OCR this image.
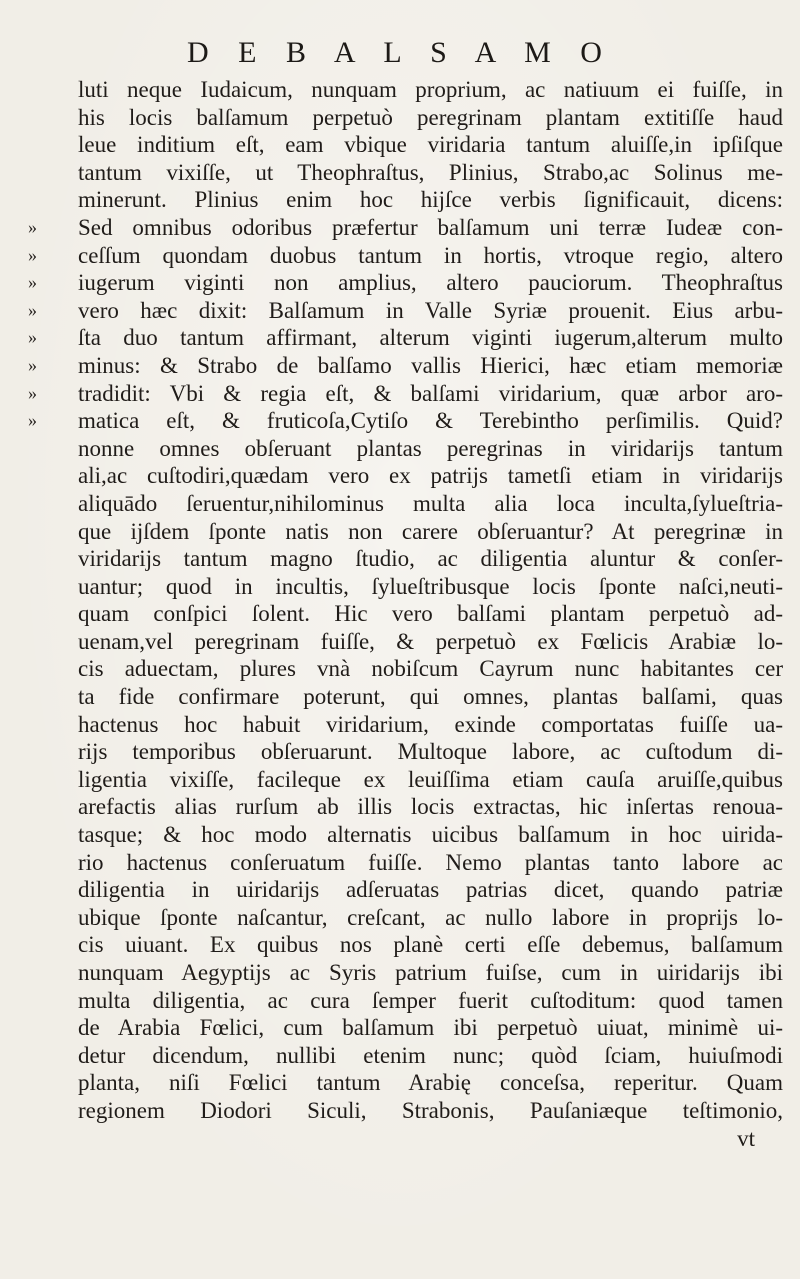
D E B A L S A M O
luti neque Iudaicum, nunquam proprium, ac natiuum ei fuiſſe, in
his locis balſamum perpetuò peregrinam plantam extitiſſe haud
leue inditium eſt, eam vbique viridaria tantum aluiſſe,in ipſiſque
tantum vixiſſe, ut Theophraſtus, Plinius, Strabo,ac Solinus me-
minerunt. Plinius enim hoc hijſce verbis ſignificauit, dicens:
»	Sed omnibus odoribus præfertur balſamum uni terræ Iudeæ con-
»	ceſſum quondam duobus tantum in hortis, vtroque regio, altero
»	iugerum viginti non amplius, altero pauciorum. Theophraſtus
»	vero hæc dixit: Balſamum in Valle Syriæ prouenit. Eius arbu-
»	ſta duo tantum affirmant, alterum viginti iugerum,alterum multo
»	minus: & Strabo de balſamo vallis Hierici, hæc etiam memoriæ
»	tradidit: Vbi & regia eſt, & balſami viridarium, quæ arbor aro-
»	matica eſt, & fruticoſa,Cytiſo & Terebintho perſimilis. Quid?
nonne omnes obſeruant plantas peregrinas in viridarijs tantum
ali,ac cuſtodiri,quædam vero ex patrijs tametſi etiam in viridarijs
aliquādo ſeruentur,nihilominus multa alia loca inculta,ſylueſtria-
que ijſdem ſponte natis non carere obſeruantur? At peregrinæ in
viridarijs tantum magno ſtudio, ac diligentia aluntur & conſer-
uantur; quod in incultis, ſylueſtribusque locis ſponte naſci,neuti-
quam conſpici ſolent. Hic vero balſami plantam perpetuò ad-
uenam,vel peregrinam fuiſſe, & perpetuò ex Fœlicis Arabiæ lo-
cis aduectam, plures vnà nobiſcum Cayrum nunc habitantes cer
ta fide confirmare poterunt, qui omnes, plantas balſami, quas
hactenus hoc habuit viridarium, exinde comportatas fuiſſe ua-
rijs temporibus obſeruarunt. Multoque labore, ac cuſtodum di-
ligentia vixiſſe, facileque ex leuiſſima etiam cauſa aruiſſe,quibus
arefactis alias rurſum ab illis locis extractas, hic inſertas renoua-
tasque; & hoc modo alternatis uicibus balſamum in hoc uirida-
rio hactenus conſeruatum fuiſſe. Nemo plantas tanto labore ac
diligentia in uiridarijs adſeruatas patrias dicet, quando patriæ
ubique ſponte naſcantur, creſcant, ac nullo labore in proprijs lo-
cis uiuant. Ex quibus nos planè certi eſſe debemus, balſamum
nunquam Aegyptijs ac Syris patrium fuiſse, cum in uiridarijs ibi
multa diligentia, ac cura ſemper fuerit cuſtoditum: quod tamen
de Arabia Fœlici, cum balſamum ibi perpetuò uiuat, minimè ui-
detur dicendum, nullibi etenim nunc; quòd ſciam, huiuſmodi
planta, niſi Fœlici tantum Arabię conceſsa, reperitur. Quam
regionem Diodori Siculi, Strabonis, Pauſaniæque teſtimonio,
vt
